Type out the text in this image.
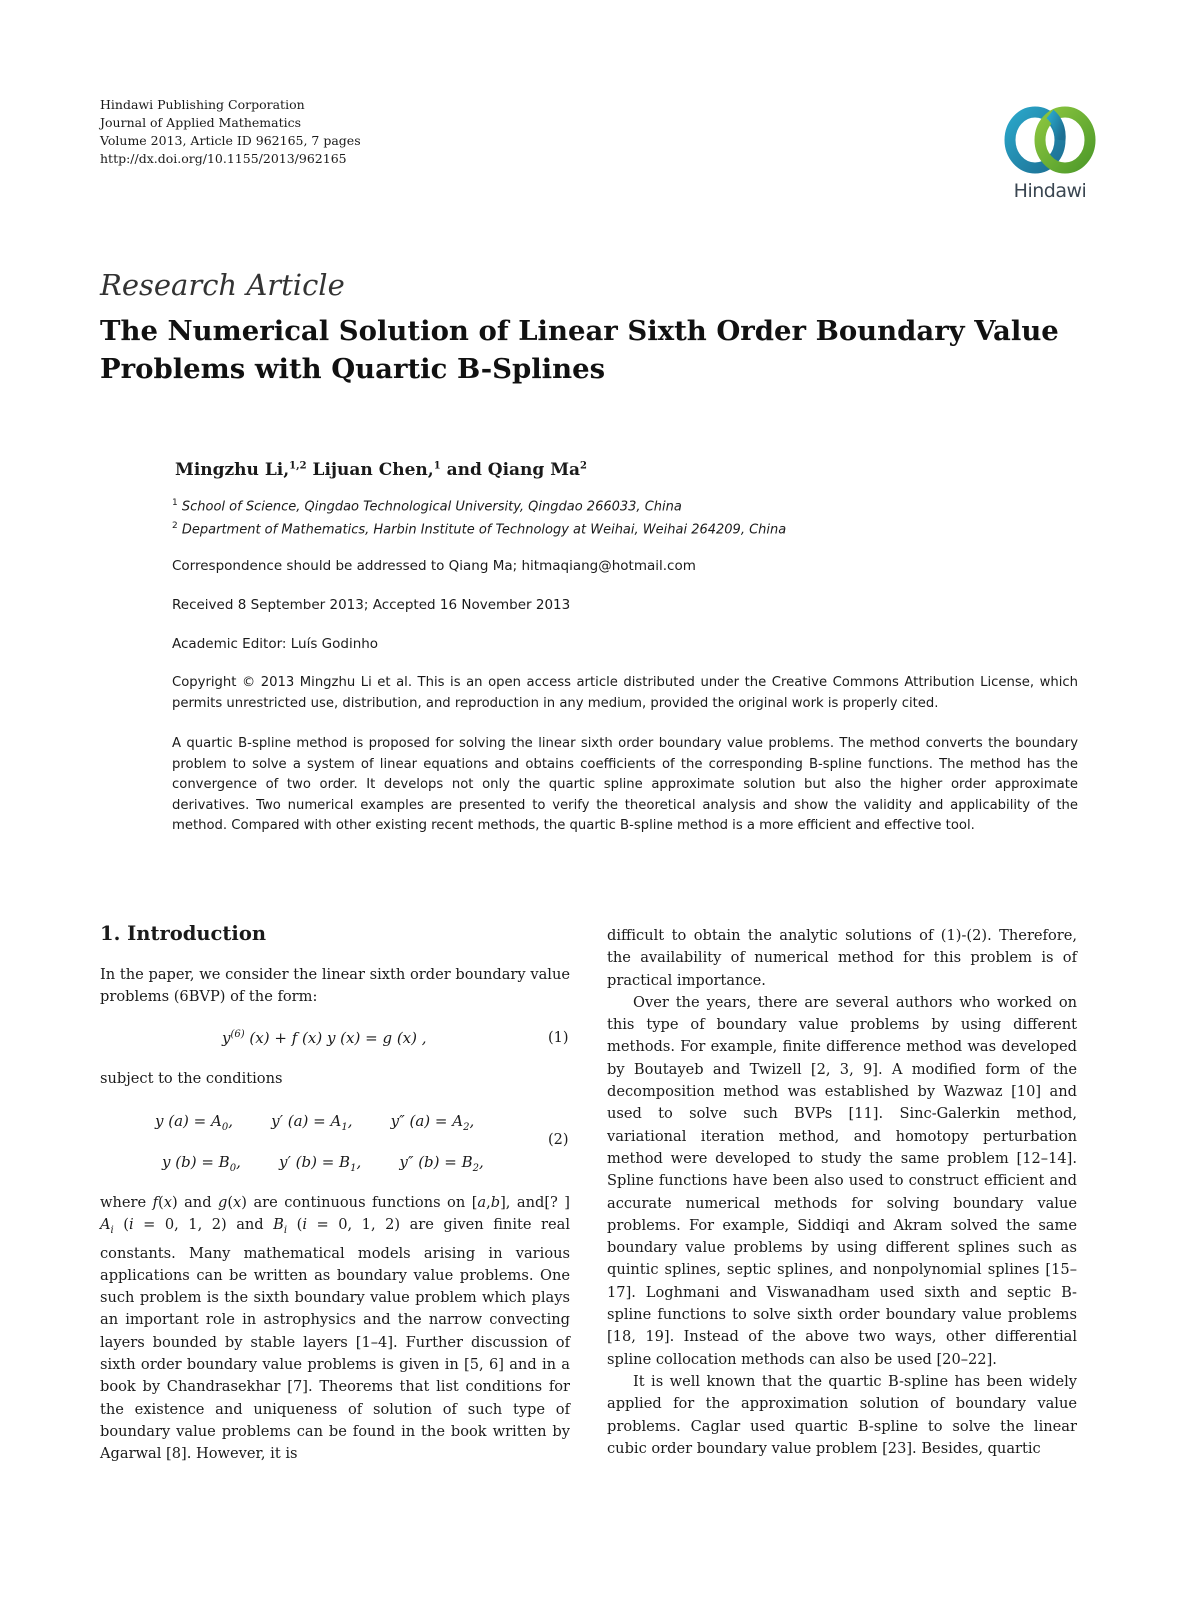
Hindawi Publishing Corporation
Journal of Applied Mathematics
Volume 2013, Article ID 962165, 7 pages
http://dx.doi.org/10.1155/2013/962165
Hindawi
Research Article
The Numerical Solution of Linear Sixth Order Boundary Value Problems with Quartic B-Splines
Mingzhu Li,$^{1,2}$ Lijuan Chen,$^1$ and Qiang Ma$^2$
$^1$ School of Science, Qingdao Technological University, Qingdao 266033, China
$^2$ Department of Mathematics, Harbin Institute of Technology at Weihai, Weihai 264209, China
Correspondence should be addressed to Qiang Ma; hitmaqiang@hotmail.com
Received 8 September 2013; Accepted 16 November 2013
Academic Editor: Luís Godinho
Copyright © 2013 Mingzhu Li et al. This is an open access article distributed under the Creative Commons Attribution License, which permits unrestricted use, distribution, and reproduction in any medium, provided the original work is properly cited.
A quartic B-spline method is proposed for solving the linear sixth order boundary value problems. The method converts the boundary problem to solve a system of linear equations and obtains coefficients of the corresponding B-spline functions. The method has the convergence of two order. It develops not only the quartic spline approximate solution but also the higher order approximate derivatives. Two numerical examples are presented to verify the theoretical analysis and show the validity and applicability of the method. Compared with other existing recent methods, the quartic B-spline method is a more efficient and effective tool.
1. Introduction

In the paper, we consider the linear sixth order boundary value problems (6BVP) of the form:

$y^{(6)}$ (x) + f (x) y (x) = g (x) ,	(1)

subject to the conditions

y $(a) = A_0$,        y′ $(a) = A_1$,        y″ $(a) = A_2$,
y $(b) = B_0$,        y′ $(b) = B_1$,        y″ $(b) = B_2$,
(2)

where f(x) and g(x) are continuous functions on [a,b], and[? ] $A_i$ (i = 0, 1, 2) and $B_i$ (i = 0, 1, 2) are given finite real constants. Many mathematical models arising in various applications can be written as boundary value problems. One such problem is the sixth boundary value problem which plays an important role in astrophysics and the narrow convecting layers bounded by stable layers [1–4]. Further discussion of sixth order boundary value problems is given in [5, 6] and in a book by Chandrasekhar [7]. Theorems that list conditions for the existence and uniqueness of solution of such type of boundary value problems can be found in the book written by Agarwal [8]. However, it is

difficult to obtain the analytic solutions of (1)-(2). Therefore, the availability of numerical method for this problem is of practical importance.

Over the years, there are several authors who worked on this type of boundary value problems by using different methods. For example, finite difference method was developed by Boutayeb and Twizell [2, 3, 9]. A modified form of the decomposition method was established by Wazwaz [10] and used to solve such BVPs [11]. Sinc-Galerkin method, variational iteration method, and homotopy perturbation method were developed to study the same problem [12–14]. Spline functions have been also used to construct efficient and accurate numerical methods for solving boundary value problems. For example, Siddiqi and Akram solved the same boundary value problems by using different splines such as quintic splines, septic splines, and nonpolynomial splines [15–17]. Loghmani and Viswanadham used sixth and septic B-spline functions to solve sixth order boundary value problems [18, 19]. Instead of the above two ways, other differential spline collocation methods can also be used [20–22].

It is well known that the quartic B-spline has been widely applied for the approximation solution of boundary value problems. Caglar used quartic B-spline to solve the linear cubic order boundary value problem [23]. Besides, quartic
